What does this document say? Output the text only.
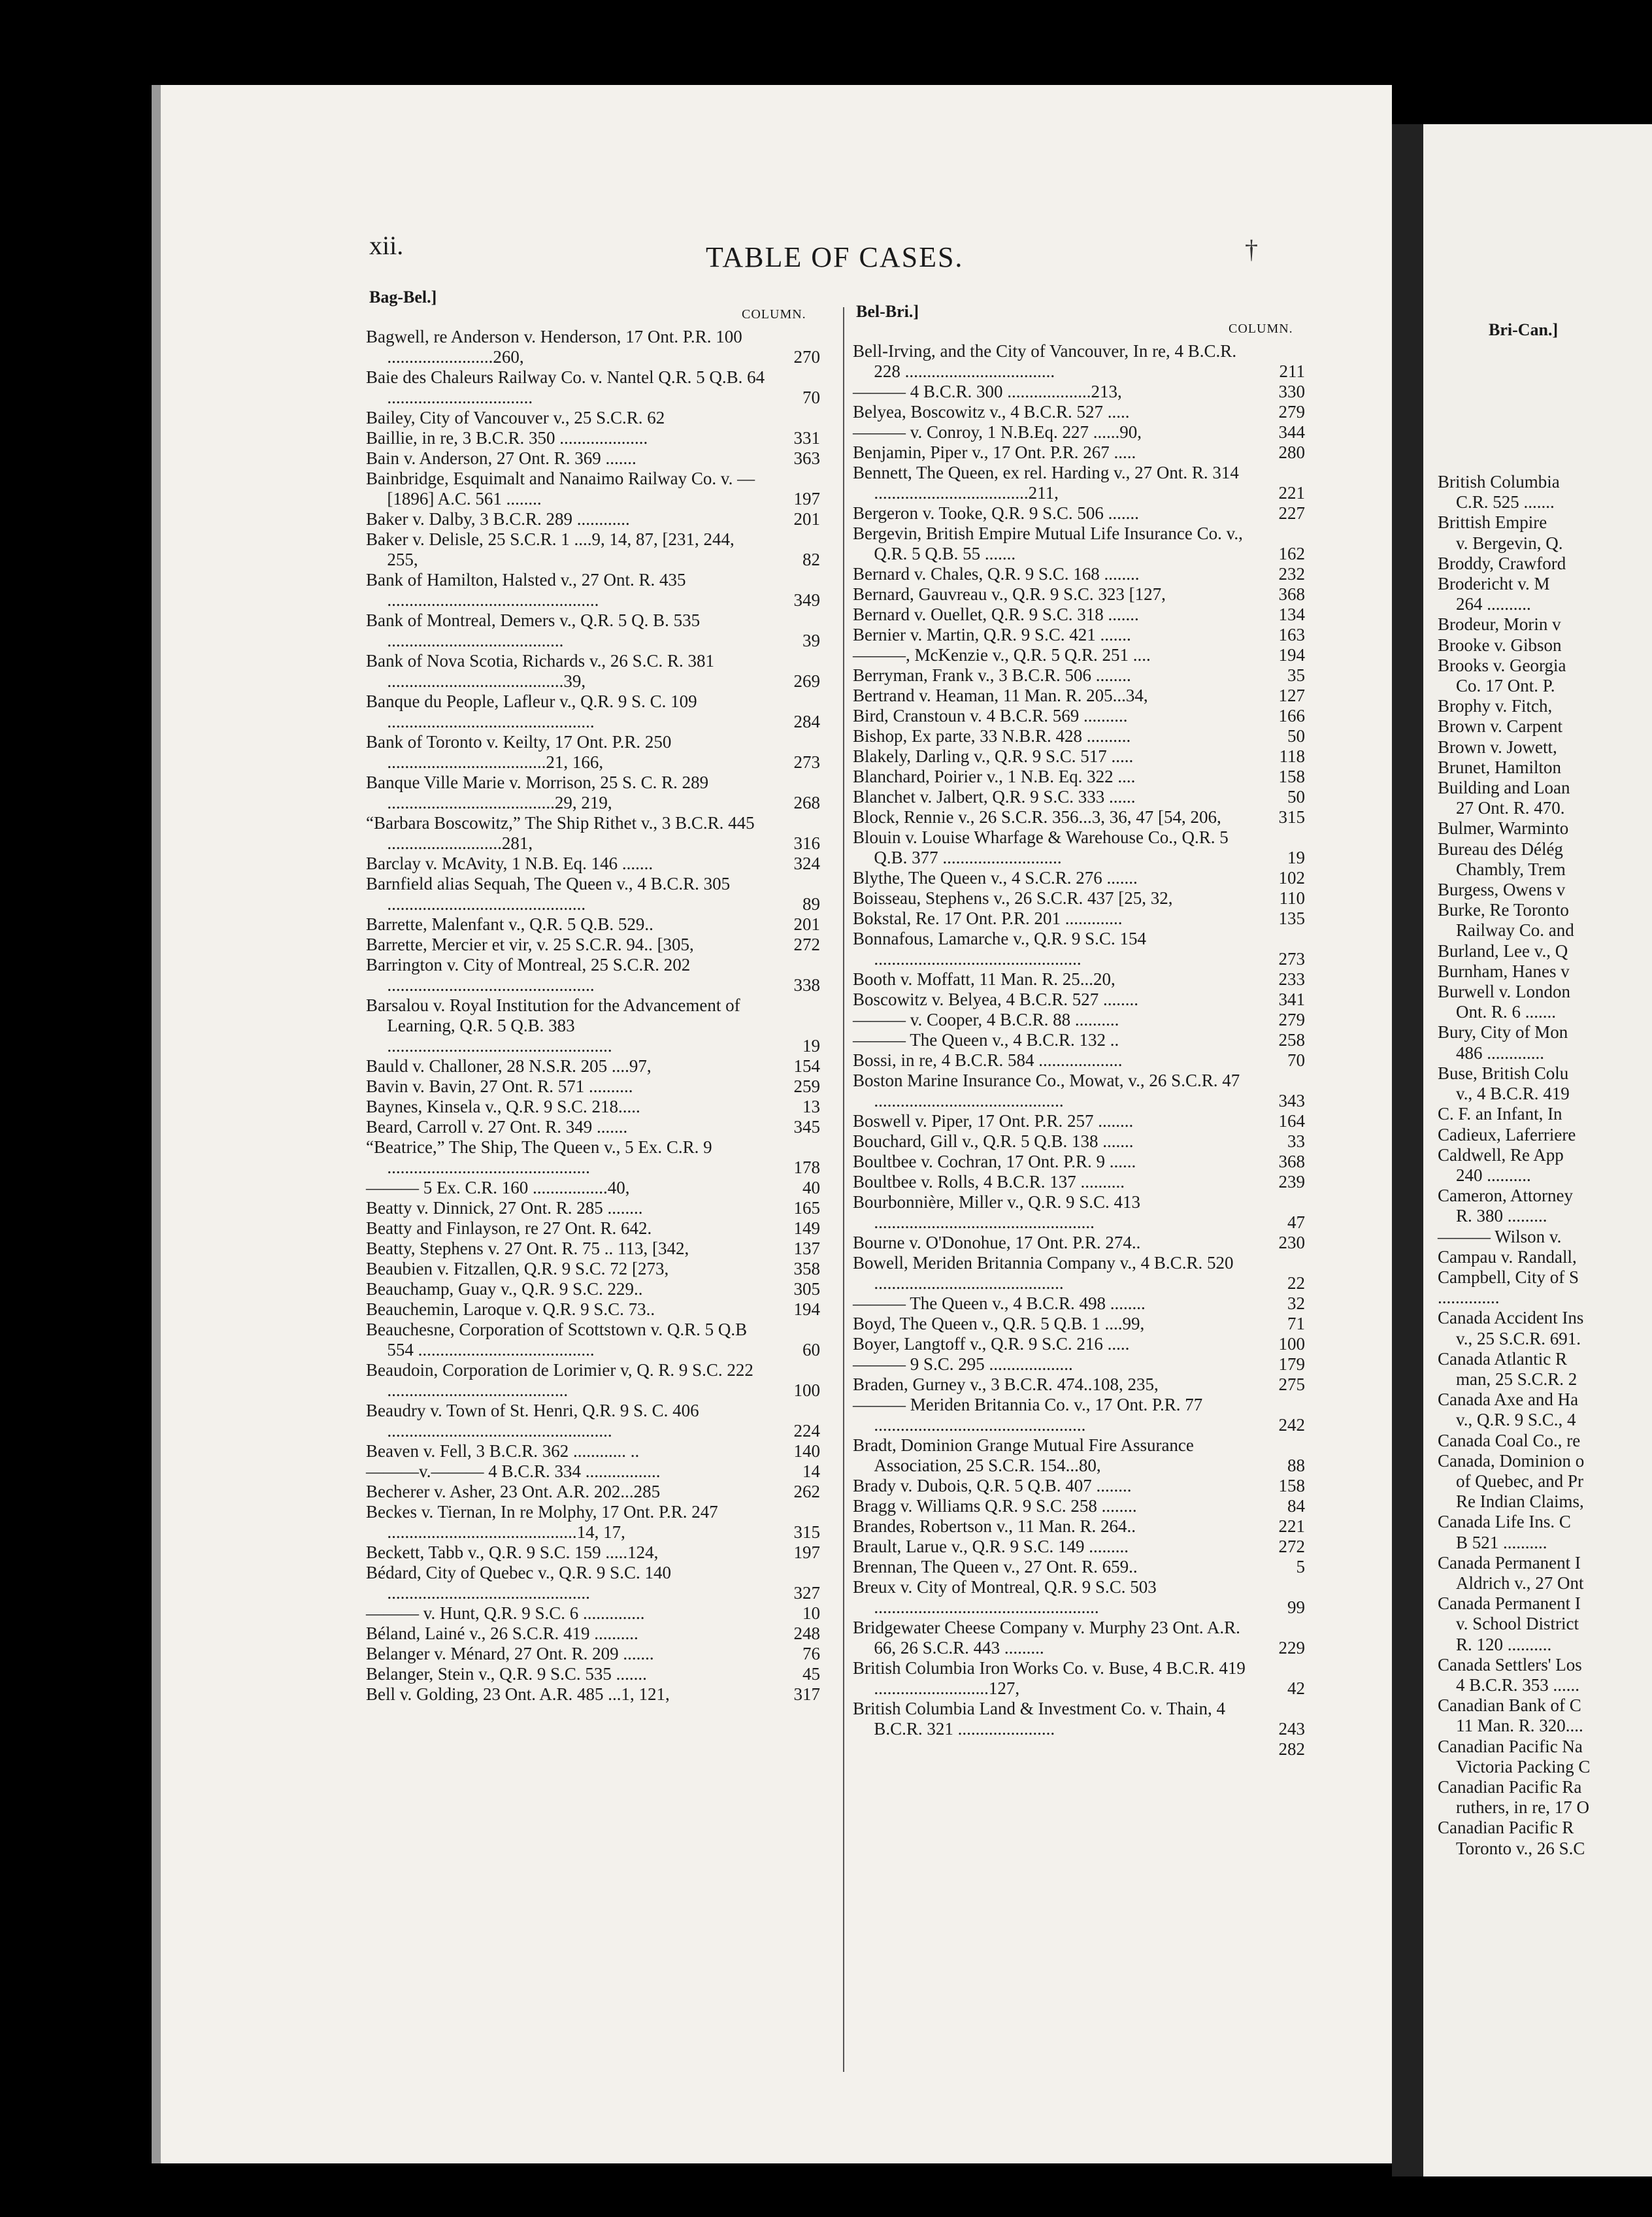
Bri-Can.]
British Columbia
C.R. 525 .......
Brittish Empire
v. Bergevin, Q.
Broddy, Crawford
Brodericht v. M
264 ..........
Brodeur, Morin v
Brooke v. Gibson
Brooks v. Georgia
Co. 17 Ont. P.
Brophy v. Fitch,
Brown v. Carpent
Brown v. Jowett,
Brunet, Hamilton
Building and Loan
27 Ont. R. 470.
Bulmer, Warminto
Bureau des Délég
Chambly, Trem
Burgess, Owens v
Burke, Re Toronto
Railway Co. and
Burland, Lee v., Q
Burnham, Hanes v
Burwell v. London
Ont. R. 6 .......
Bury, City of Mon
486 .............
Buse, British Colu
v., 4 B.C.R. 419
C. F. an Infant, In
Cadieux, Laferriere
Caldwell, Re App
240 ..........
Cameron, Attorney
R. 380 .........
——— Wilson v.
Campau v. Randall,
Campbell, City of S
..............
Canada Accident Ins
v., 25 S.C.R. 691.
Canada Atlantic R
man, 25 S.C.R. 2
Canada Axe and Ha
v., Q.R. 9 S.C., 4
Canada Coal Co., re
Canada, Dominion o
of Quebec, and Pr
Re Indian Claims,
Canada Life Ins. C
B 521 ..........
Canada Permanent I
Aldrich v., 27 Ont
Canada Permanent I
v. School District
R. 120 ..........
Canada Settlers' Los
4 B.C.R. 353 ......
Canadian Bank of C
11 Man. R. 320....
Canadian Pacific Na
Victoria Packing C
Canadian Pacific Ra
ruthers, in re, 17 O
Canadian Pacific R
Toronto v., 26 S.C
xii.	TABLE OF CASES.
Bag-Bel.]
COLUMN.	Bel-Bri.]
COLUMN.
Bagwell, re Anderson v. Henderson, 17 Ont. P.R. 100 ........................260,	270
Baie des Chaleurs Railway Co. v. Nantel Q.R. 5 Q.B. 64 .................................	70
Bailey, City of Vancouver v., 25 S.C.R. 62
Baillie, in re, 3 B.C.R. 350 ....................	331
Bain v. Anderson, 27 Ont. R. 369 .......	363
Bainbridge, Esquimalt and Nanaimo Railway Co. v. — [1896] A.C. 561 ........	197
Baker v. Dalby, 3 B.C.R. 289 ............	201
Baker v. Delisle, 25 S.C.R. 1 ....9, 14, 87, [231, 244, 255,	82
Bank of Hamilton, Halsted v., 27 Ont. R. 435 ................................................	349
Bank of Montreal, Demers v., Q.R. 5 Q. B. 535 ........................................	39
Bank of Nova Scotia, Richards v., 26 S.C. R. 381 ........................................39,	269
Banque du People, Lafleur v., Q.R. 9 S. C. 109 ...............................................	284
Bank of Toronto v. Keilty, 17 Ont. P.R. 250 ....................................21, 166,	273
Banque Ville Marie v. Morrison, 25 S. C. R. 289 ......................................29, 219,	268
“Barbara Boscowitz,” The Ship Rithet v., 3 B.C.R. 445 ..........................281,	316
Barclay v. McAvity, 1 N.B. Eq. 146 .......	324
Barnfield alias Sequah, The Queen v., 4 B.C.R. 305 .............................................	89
Barrette, Malenfant v., Q.R. 5 Q.B. 529..	201
Barrette, Mercier et vir, v. 25 S.C.R. 94.. [305,	272
Barrington v. City of Montreal, 25 S.C.R. 202 ...............................................	338
Barsalou v. Royal Institution for the Advancement of Learning, Q.R. 5 Q.B. 383 ...................................................	19
Bauld v. Challoner, 28 N.S.R. 205 ....97,	154
Bavin v. Bavin, 27 Ont. R. 571 ..........	259
Baynes, Kinsela v., Q.R. 9 S.C. 218.....	13
Beard, Carroll v. 27 Ont. R. 349 .......	345
“Beatrice,” The Ship, The Queen v., 5 Ex. C.R. 9 ..............................................	178
——— 5 Ex. C.R. 160 .................40,	40
Beatty v. Dinnick, 27 Ont. R. 285 ........	165
Beatty and Finlayson, re 27 Ont. R. 642.	149
Beatty, Stephens v. 27 Ont. R. 75 .. 113, [342,	137
Beaubien v. Fitzallen, Q.R. 9 S.C. 72 [273,	358
Beauchamp, Guay v., Q.R. 9 S.C. 229..	305
Beauchemin, Laroque v. Q.R. 9 S.C. 73..	194
Beauchesne, Corporation of Scottstown v. Q.R. 5 Q.B 554 ........................................	60
Beaudoin, Corporation de Lorimier v, Q. R. 9 S.C. 222 .........................................	100
Beaudry v. Town of St. Henri, Q.R. 9 S. C. 406 ...................................................	224
Beaven v. Fell, 3 B.C.R. 362 ............ ..	140
———v.——— 4 B.C.R. 334 .................	14
Becherer v. Asher, 23 Ont. A.R. 202...285	262
Beckes v. Tiernan, In re Molphy, 17 Ont. P.R. 247 ...........................................14, 17,	315
Beckett, Tabb v., Q.R. 9 S.C. 159 .....124,	197
Bédard, City of Quebec v., Q.R. 9 S.C. 140 ..............................................	327
——— v. Hunt, Q.R. 9 S.C. 6 ..............	10
Béland, Lainé v., 26 S.C.R. 419 ..........	248
Belanger v. Ménard, 27 Ont. R. 209 .......	76
Belanger, Stein v., Q.R. 9 S.C. 535 .......	45
Bell v. Golding, 23 Ont. A.R. 485 ...1, 121,	317
Bell-Irving, and the City of Vancouver, In re, 4 B.C.R. 228 ..................................	211
——— 4 B.C.R. 300 ...................213,	330
Belyea, Boscowitz v., 4 B.C.R. 527 .....	279
——— v. Conroy, 1 N.B.Eq. 227 ......90,	344
Benjamin, Piper v., 17 Ont. P.R. 267 .....	280
Bennett, The Queen, ex rel. Harding v., 27 Ont. R. 314 ...................................211,	221
Bergeron v. Tooke, Q.R. 9 S.C. 506 .......	227
Bergevin, British Empire Mutual Life Insurance Co. v., Q.R. 5 Q.B. 55 .......	162
Bernard v. Chales, Q.R. 9 S.C. 168 ........	232
Bernard, Gauvreau v., Q.R. 9 S.C. 323 [127,	368
Bernard v. Ouellet, Q.R. 9 S.C. 318 .......	134
Bernier v. Martin, Q.R. 9 S.C. 421 .......	163
———, McKenzie v., Q.R. 5 Q.R. 251 ....	194
Berryman, Frank v., 3 B.C.R. 506 ........	35
Bertrand v. Heaman, 11 Man. R. 205...34,	127
Bird, Cranstoun v. 4 B.C.R. 569 ..........	166
Bishop, Ex parte, 33 N.B.R. 428 ..........	50
Blakely, Darling v., Q.R. 9 S.C. 517 .....	118
Blanchard, Poirier v., 1 N.B. Eq. 322 ....	158
Blanchet v. Jalbert, Q.R. 9 S.C. 333 ......	50
Block, Rennie v., 26 S.C.R. 356...3, 36, 47 [54, 206,	315
Blouin v. Louise Wharfage & Warehouse Co., Q.R. 5 Q.B. 377 ...........................	19
Blythe, The Queen v., 4 S.C.R. 276 .......	102
Boisseau, Stephens v., 26 S.C.R. 437 [25, 32,	110
Bokstal, Re. 17 Ont. P.R. 201 .............	135
Bonnafous, Lamarche v., Q.R. 9 S.C. 154 ...............................................	273
Booth v. Moffatt, 11 Man. R. 25...20,	233
Boscowitz v. Belyea, 4 B.C.R. 527 ........	341
——— v. Cooper, 4 B.C.R. 88 ..........	279
——— The Queen v., 4 B.C.R. 132 ..	258
Bossi, in re, 4 B.C.R. 584 ...................	70
Boston Marine Insurance Co., Mowat, v., 26 S.C.R. 47 ...........................................	343
Boswell v. Piper, 17 Ont. P.R. 257 ........	164
Bouchard, Gill v., Q.R. 5 Q.B. 138 .......	33
Boultbee v. Cochran, 17 Ont. P.R. 9 ......	368
Boultbee v. Rolls, 4 B.C.R. 137 ..........	239
Bourbonnière, Miller v., Q.R. 9 S.C. 413 ..................................................	47
Bourne v. O'Donohue, 17 Ont. P.R. 274..	230
Bowell, Meriden Britannia Company v., 4 B.C.R. 520 ...........................................	22
——— The Queen v., 4 B.C.R. 498 ........	32
Boyd, The Queen v., Q.R. 5 Q.B. 1 ....99,	71
Boyer, Langtoff v., Q.R. 9 S.C. 216 .....	100
——— 9 S.C. 295 ...................	179
Braden, Gurney v., 3 B.C.R. 474..108, 235,	275
——— Meriden Britannia Co. v., 17 Ont. P.R. 77 ................................................	242
Bradt, Dominion Grange Mutual Fire Assurance Association, 25 S.C.R. 154...80,	88
Brady v. Dubois, Q.R. 5 Q.B. 407 ........	158
Bragg v. Williams Q.R. 9 S.C. 258 ........	84
Brandes, Robertson v., 11 Man. R. 264..	221
Brault, Larue v., Q.R. 9 S.C. 149 .........	272
Brennan, The Queen v., 27 Ont. R. 659..	5
Breux v. City of Montreal, Q.R. 9 S.C. 503 ...................................................	99
Bridgewater Cheese Company v. Murphy 23 Ont. A.R. 66, 26 S.C.R. 443 .........	229
British Columbia Iron Works Co. v. Buse, 4 B.C.R. 419 ..........................127,	42
British Columbia Land & Investment Co. v. Thain, 4 B.C.R. 321 ......................	243
282
†
